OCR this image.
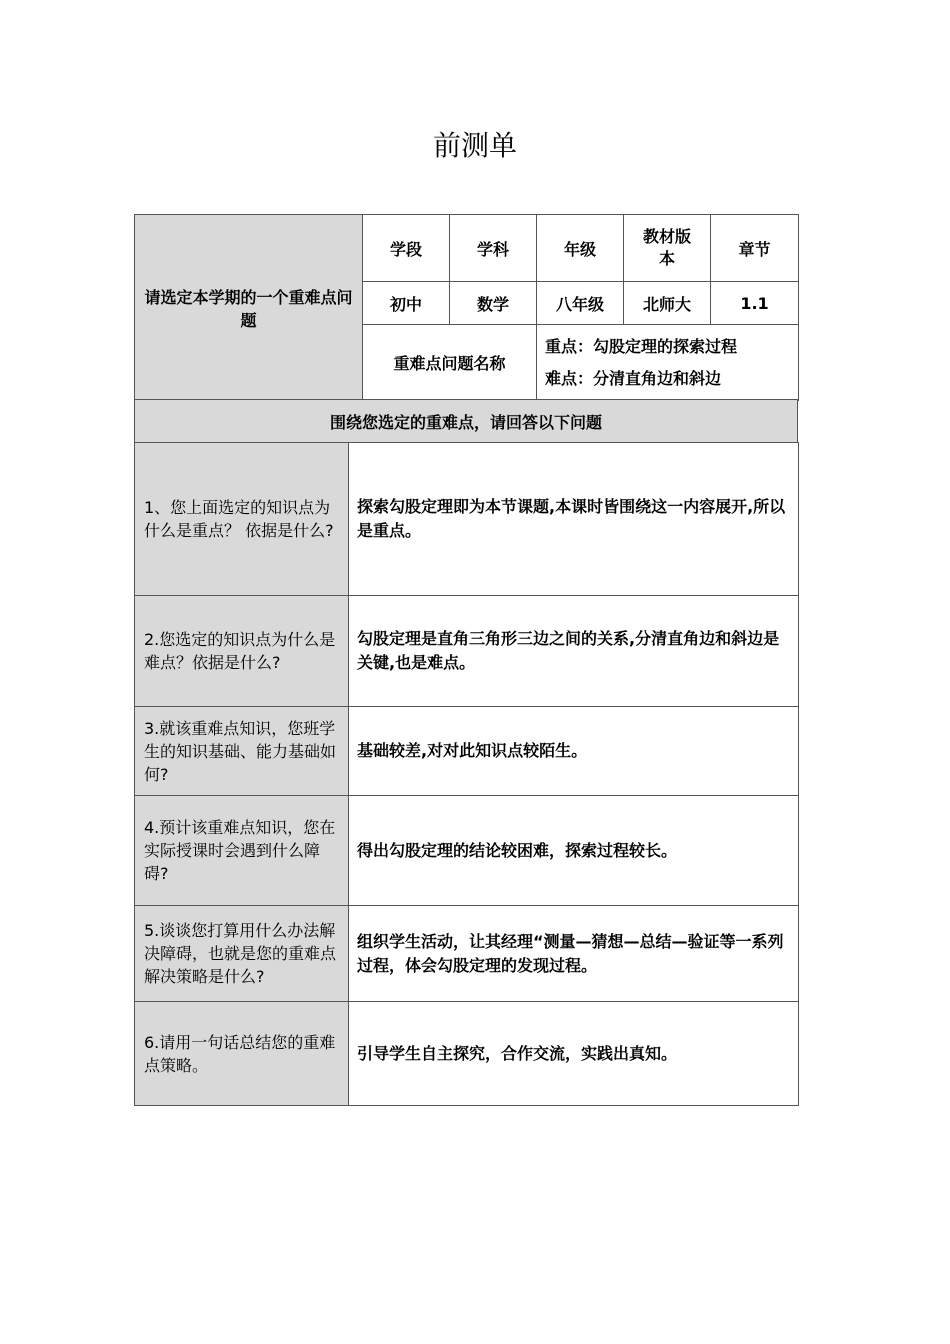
前测单
请选定本学期的一个重难点问题	学段	学科	年级	教材版本	章节
	初中	数学	八年级	北师大	1.1
	重难点问题名称		重点：勾股定理的探索过程
难点：分清直角边和斜边		
围绕您选定的重难点，请回答以下问题
1、您上面选定的知识点为什么是重点？ 依据是什么?	探索勾股定理即为本节课题,本课时皆围绕这一内容展开,所以是重点。
2.您选定的知识点为什么是难点？依据是什么?	勾股定理是直角三角形三边之间的关系,分清直角边和斜边是关键,也是难点。
3.就该重难点知识，您班学生的知识基础、能力基础如何?	基础较差,对对此知识点较陌生。
4.预计该重难点知识，您在实际授课时会遇到什么障碍?	得出勾股定理的结论较困难，探索过程较长。
5.谈谈您打算用什么办法解决障碍，也就是您的重难点解决策略是什么?	组织学生活动，让其经理“测量—猜想—总结—验证等一系列过程，体会勾股定理的发现过程。
6.请用一句话总结您的重难点策略。	引导学生自主探究，合作交流，实践出真知。
